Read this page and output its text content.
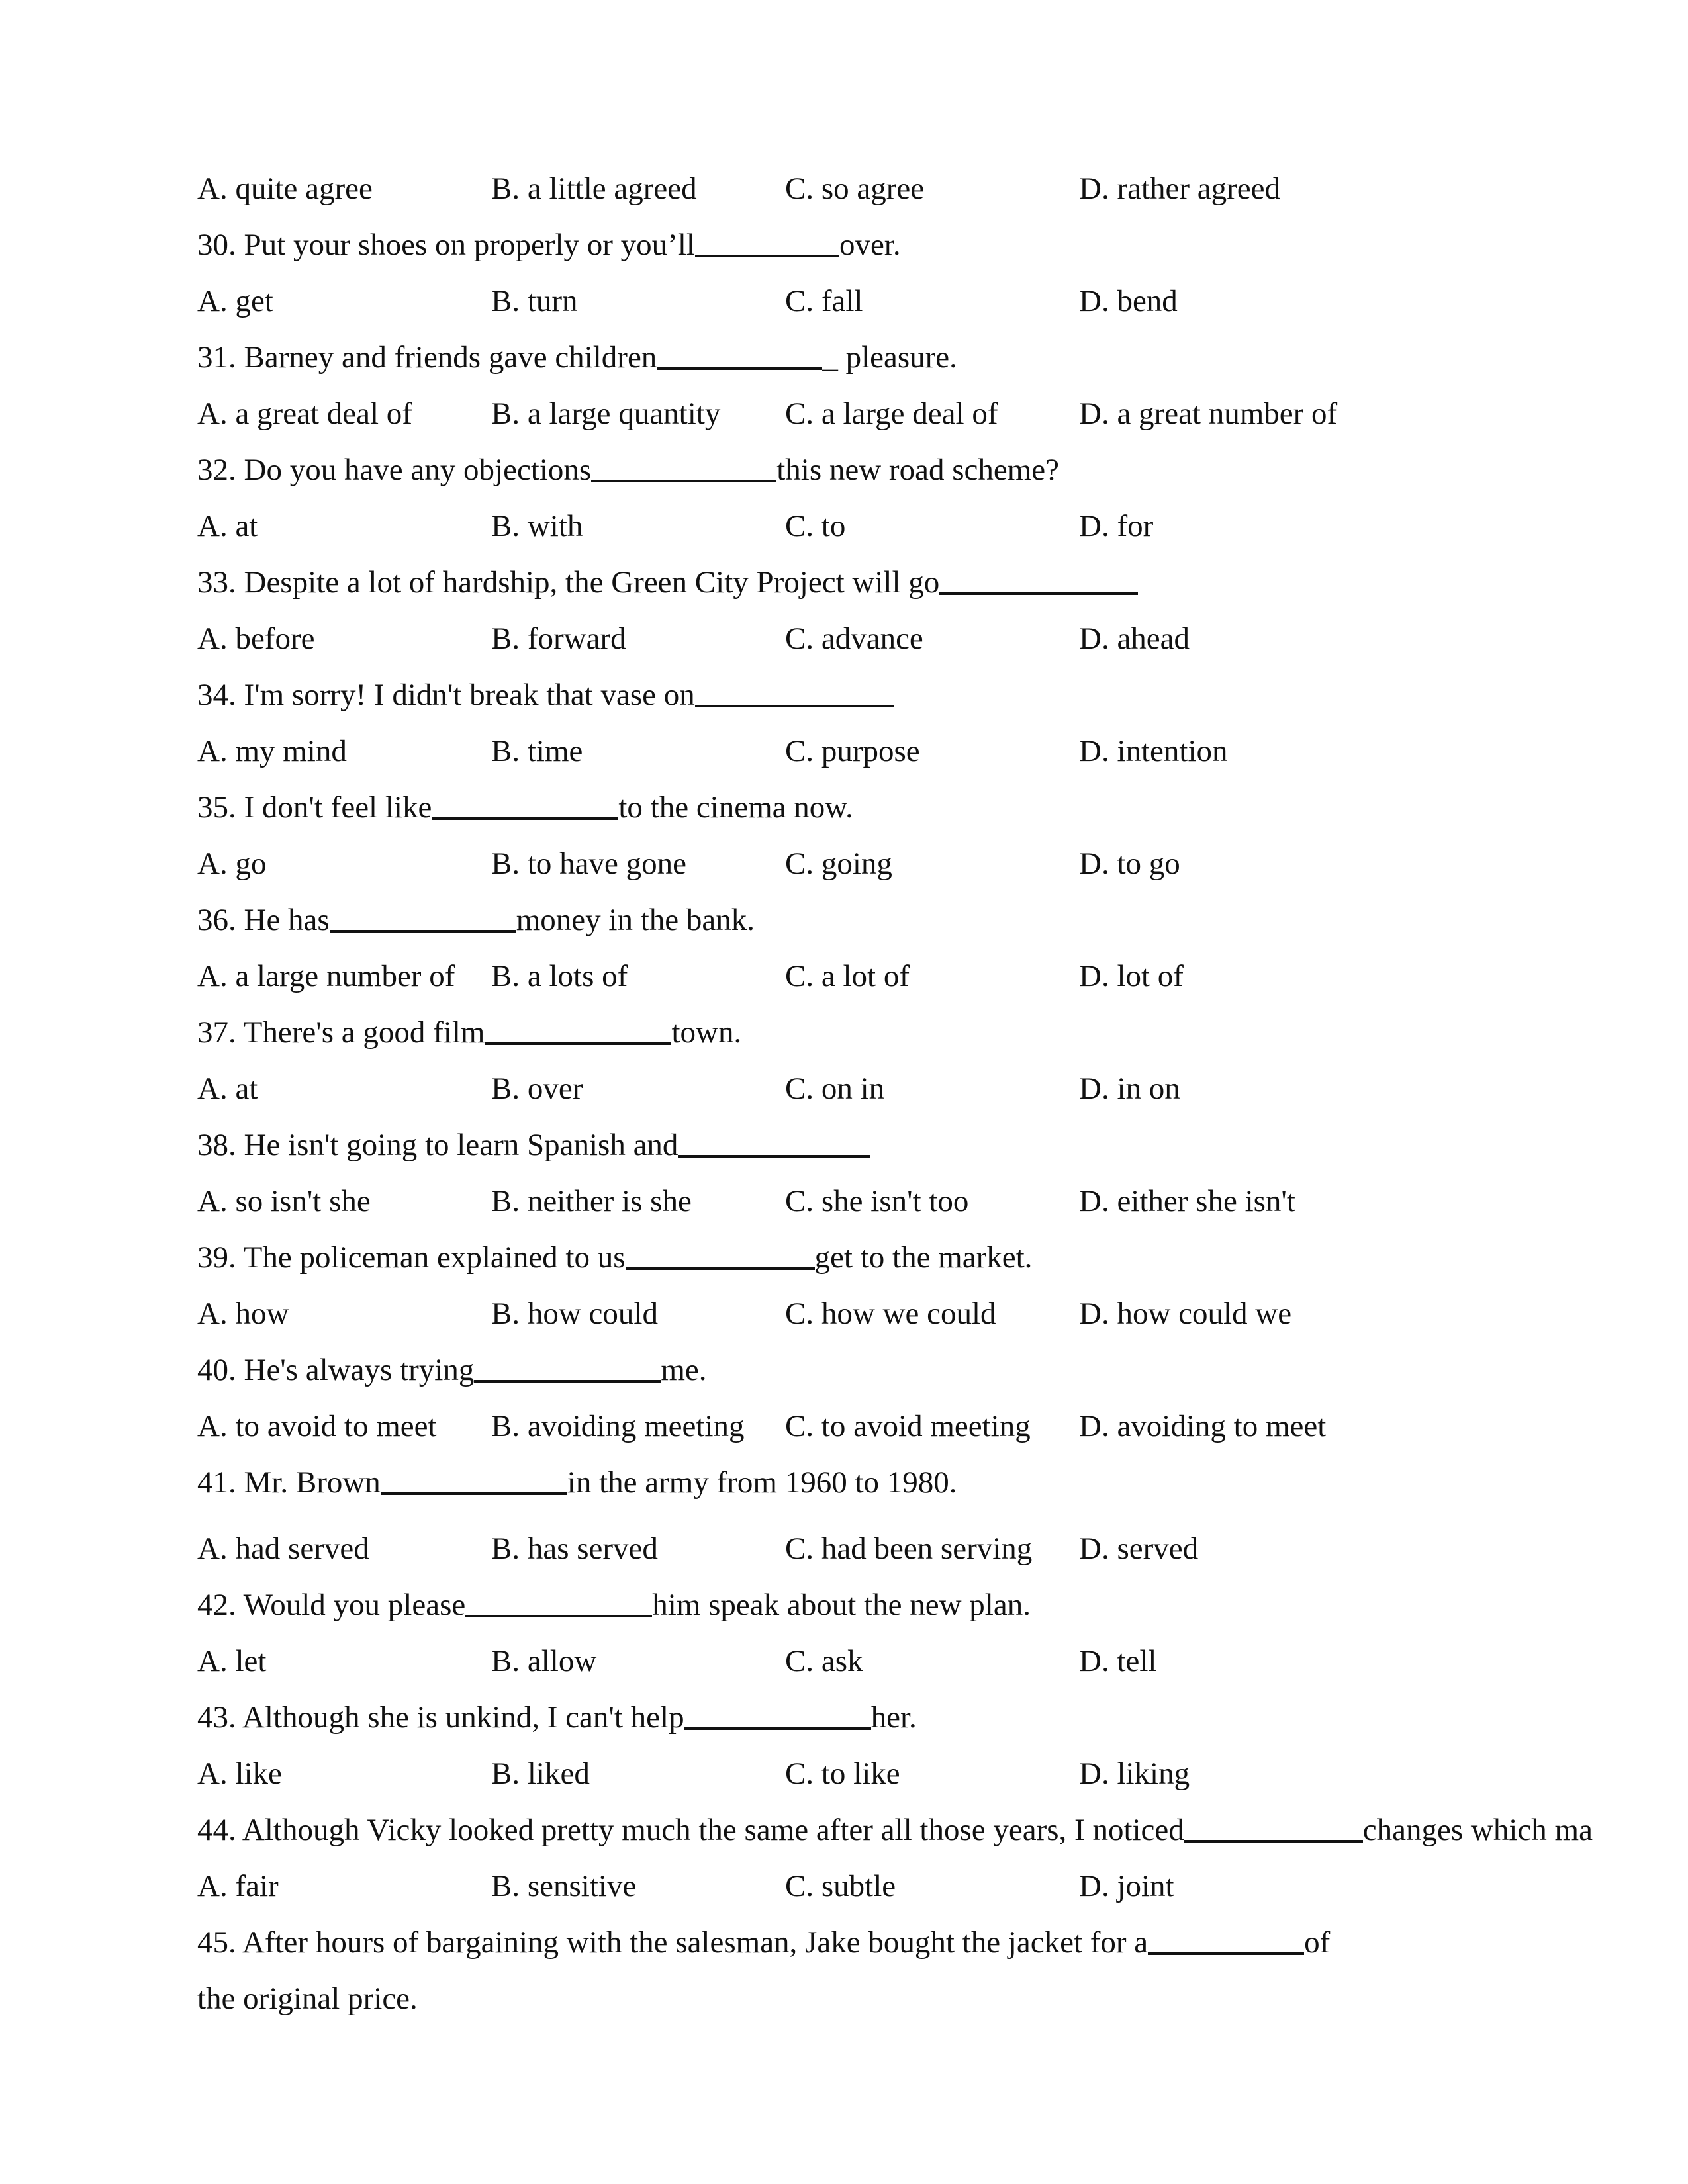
A. quite agree	B. a little agreed	C. so agree	D. rather agreed
30. Put your shoes on properly or you’ll	over.
A. get	B. turn	C. fall	D. bend
31. Barney and friends gave children	_ pleasure.
A. a great deal of	B. a large quantity C. a large deal of	D. a great number of
32. Do you have any objections	this new road scheme?
A. at	B. with	C. to	D. for
33. Despite a lot of hardship, the Green City Project will go
A. before	B. forward	C. advance	D. ahead
34. I'm sorry! I didn't break that vase on
A. my mind	B. time	C. purpose	D. intention
35. I don't feel like	to the cinema now.
A. go	B. to have gone	C. going	D. to go
36. He has	money in the bank.
A. a large number of B. a lots of	C. a lot of	D. lot of
37. There's a good film	town.
A. at	B. over	C. on in	D. in on
38. He isn't going to learn Spanish and
A. so isn't she	B. neither is she	C. she isn't too	D. either she isn't
39. The policeman explained to us	get to the market.
A. how	B. how could	C. how we could	D. how could we
40. He's always trying	me.
A. to avoid to meet B. avoiding meeting C. to avoid meeting D. avoiding to meet
41. Mr. Brown	in the army from 1960 to 1980.
A. had served	B. has served	C. had been serving D. served
42. Would you please	him speak about the new plan.
A. let	B. allow	C. ask	D. tell
43. Although she is unkind, I can't help	her.
A. like	B. liked	C. to like	D. liking
44. Although Vicky looked pretty much the same after all those years, I noticed	changes which ma
A. fair	B. sensitive	C. subtle	D. joint
45. After hours of bargaining with the salesman, Jake bought the jacket for a	of
the original price.
